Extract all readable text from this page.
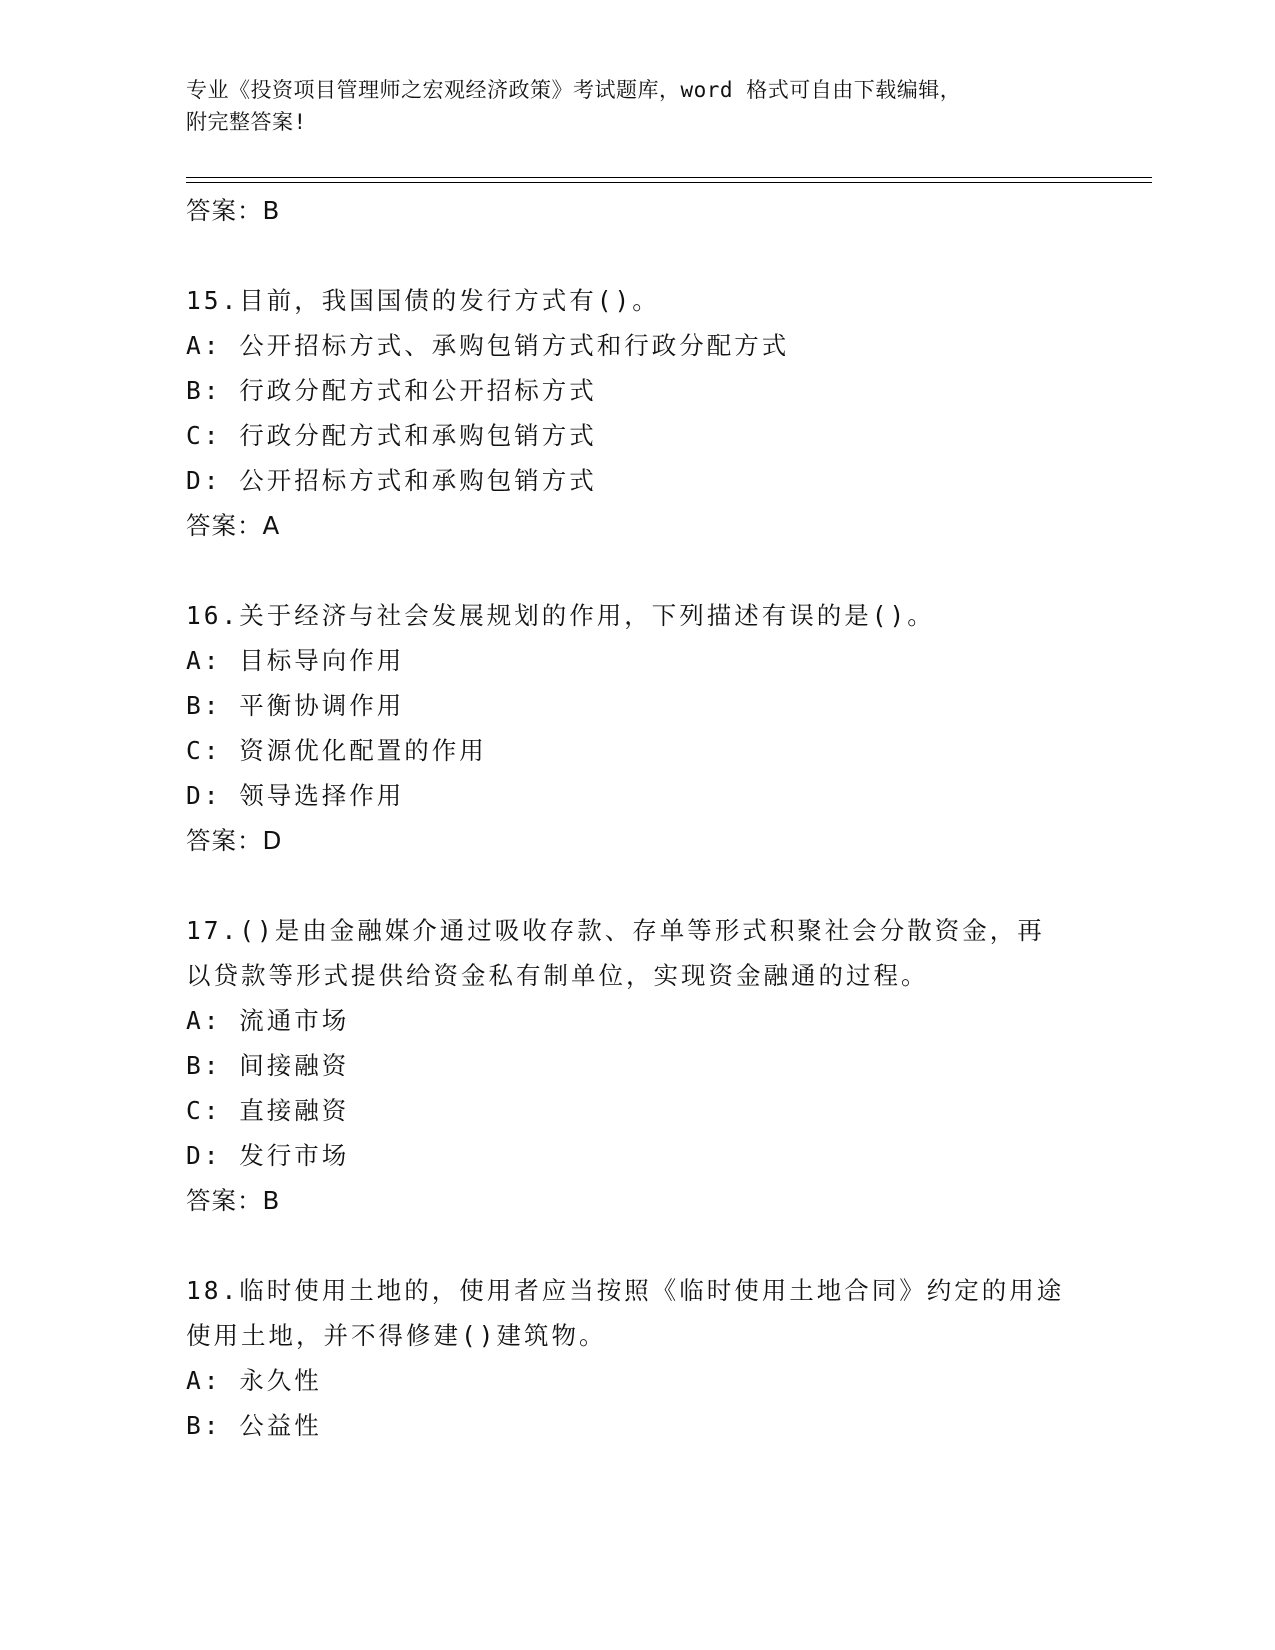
专业《投资项目管理师之宏观经济政策》考试题库，word 格式可自由下载编辑，
附完整答案!
答案：B
15.目前，我国国债的发行方式有()。
A: 公开招标方式、承购包销方式和行政分配方式
B: 行政分配方式和公开招标方式
C: 行政分配方式和承购包销方式
D: 公开招标方式和承购包销方式
答案：A
16.关于经济与社会发展规划的作用，下列描述有误的是()。
A: 目标导向作用
B: 平衡协调作用
C: 资源优化配置的作用
D: 领导选择作用
答案：D
17.()是由金融媒介通过吸收存款、存单等形式积聚社会分散资金，再以贷款等形式提供给资金私有制单位，实现资金融通的过程。
A: 流通市场
B: 间接融资
C: 直接融资
D: 发行市场
答案：B
18.临时使用土地的，使用者应当按照《临时使用土地合同》约定的用途使用土地，并不得修建()建筑物。
A: 永久性
B: 公益性
